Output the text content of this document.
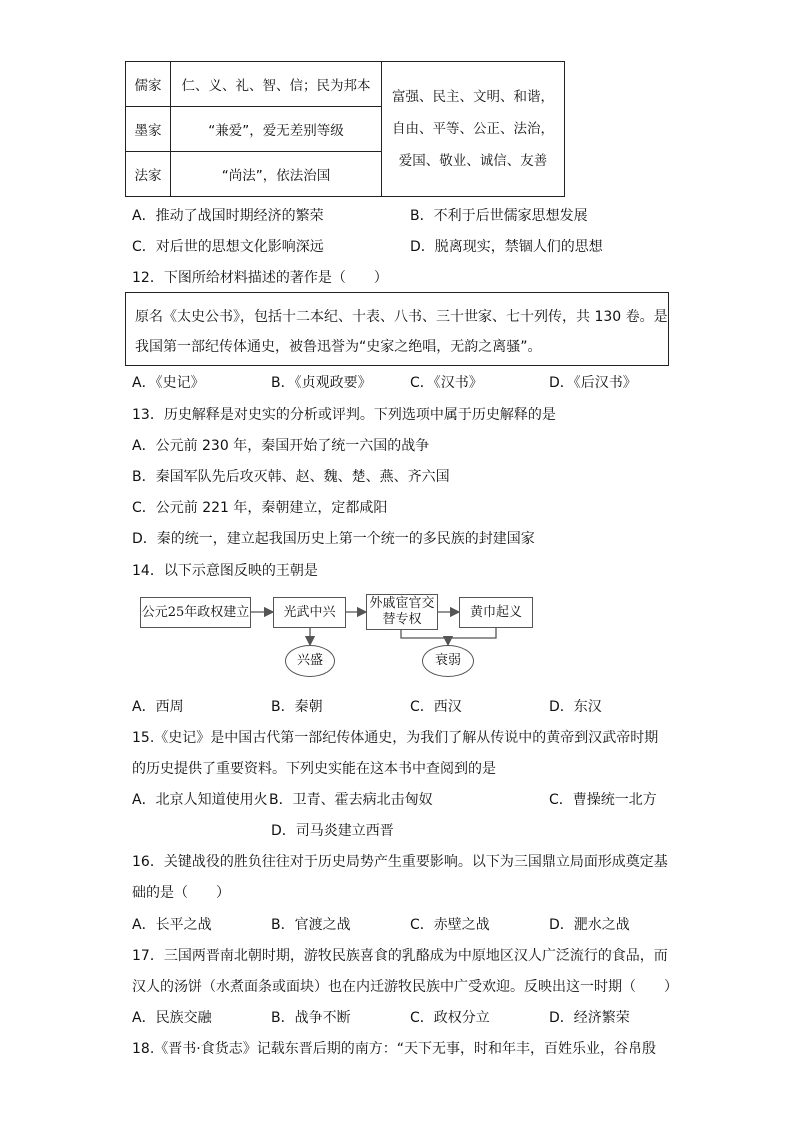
儒家	仁、义、礼、智、信；民为邦本	富强、民主、文明、和谐，
自由、平等、公正、法治，
爱国、敬业、诚信、友善

墨家	“兼爱”，爱无差别等级	
法家	“尚法”，依法治国	
A．推动了战国时期经济的繁荣	B．不利于后世儒家思想发展
C．对后世的思想文化影响深远	D．脱离现实，禁锢人们的思想
12．下图所给材料描述的著作是（　　）
原名《太史公书》，包括十二本纪、十表、八书、三十世家、七十列传，共 130 卷。是
我国第一部纪传体通史，被鲁迅誉为“史家之绝唱，无韵之离骚”。
A．《史记》	B．《贞观政要》	C．《汉书》	D．《后汉书》
13．历史解释是对史实的分析或评判。下列选项中属于历史解释的是
A．公元前 230 年，秦国开始了统一六国的战争
B．秦国军队先后攻灭韩、赵、魏、楚、燕、齐六国
C．公元前 221 年，秦朝建立，定都咸阳
D．秦的统一，建立起我国历史上第一个统一的多民族的封建国家
14．以下示意图反映的王朝是
公元25年政权建立	光武中兴
外戚宦官交
替专权	黄巾起义
兴盛	衰弱
A．西周	B．秦朝	C．西汉	D．东汉
15.《史记》是中国古代第一部纪传体通史，为我们了解从传说中的黄帝到汉武帝时期
的历史提供了重要资料。下列史实能在这本书中查阅到的是
A．北京人知道使用火 B．卫青、霍去病北击匈奴	C．曹操统一北方
D．司马炎建立西晋
16．关键战役的胜负往往对于历史局势产生重要影响。以下为三国鼎立局面形成奠定基
础的是（　　）
A．长平之战	B．官渡之战	C．赤壁之战	D．淝水之战
17．三国两晋南北朝时期，游牧民族喜食的乳酪成为中原地区汉人广泛流行的食品，而
汉人的汤饼（水煮面条或面块）也在内迁游牧民族中广受欢迎。反映出这一时期（　　）
A．民族交融	B．战争不断	C．政权分立	D．经济繁荣
18.《晋书·食货志》记载东晋后期的南方：“天下无事，时和年丰，百姓乐业，谷帛殷
